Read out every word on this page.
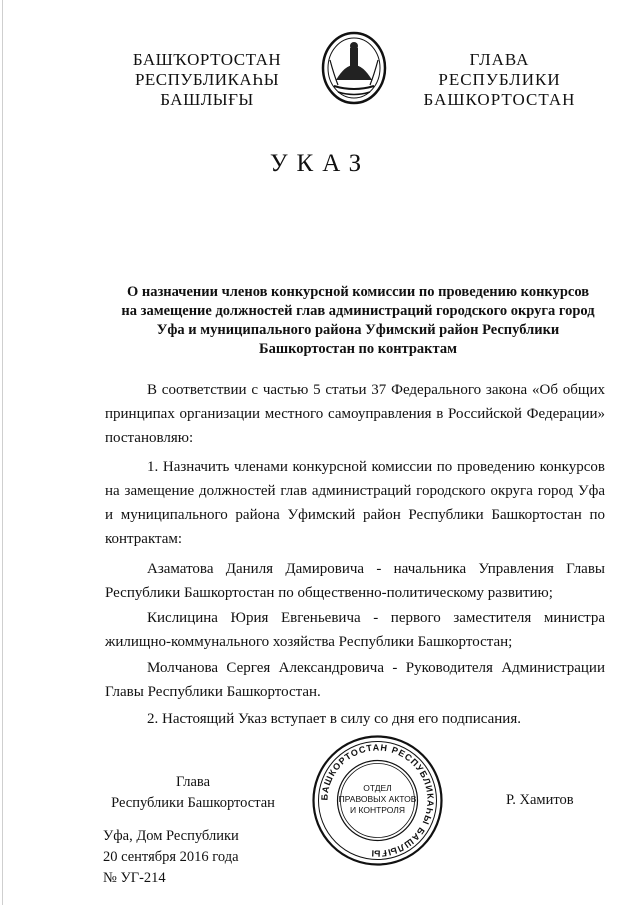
БАШҠОРТОСТАН
РЕСПУБЛИКАҺЫ
БАШЛЫҒЫ
ГЛАВА
РЕСПУБЛИКИ
БАШКОРТОСТАН
УКАЗ
О назначении членов конкурсной комиссии по проведению конкурсов
на замещение должностей глав администраций городского округа город
Уфа и муниципального района Уфимский район Республики
Башкортостан по контрактам
В соответствии с частью 5 статьи 37 Федерального закона «Об общих
принципах организации местного самоуправления в Российской Федерации»
постановляю:
1. Назначить членами конкурсной комиссии по проведению конкурсов
на замещение должностей глав администраций городского округа город Уфа
и муниципального района Уфимский район Республики Башкортостан по
контрактам:
Азаматова Даниля Дамировича - начальника Управления Главы
Республики Башкортостан по общественно-политическому развитию;
Кислицина Юрия Евгеньевича - первого заместителя министра
жилищно-коммунального хозяйства Республики Башкортостан;
Молчанова Сергея Александровича - Руководителя Администрации
Главы Республики Башкортостан.
2. Настоящий Указ вступает в силу со дня его подписания.
Глава
Республики Башкортостан	БАШКОРТОСТАН РЕСПУБЛИКАҺЫ БАШЛЫҒЫ
ОТДЕЛ
ПРАВОВЫХ АКТОВ
И КОНТРОЛЯ
Р. Хамитов
Уфа, Дом Республики
20 сентября 2016 года
№ УГ-214
